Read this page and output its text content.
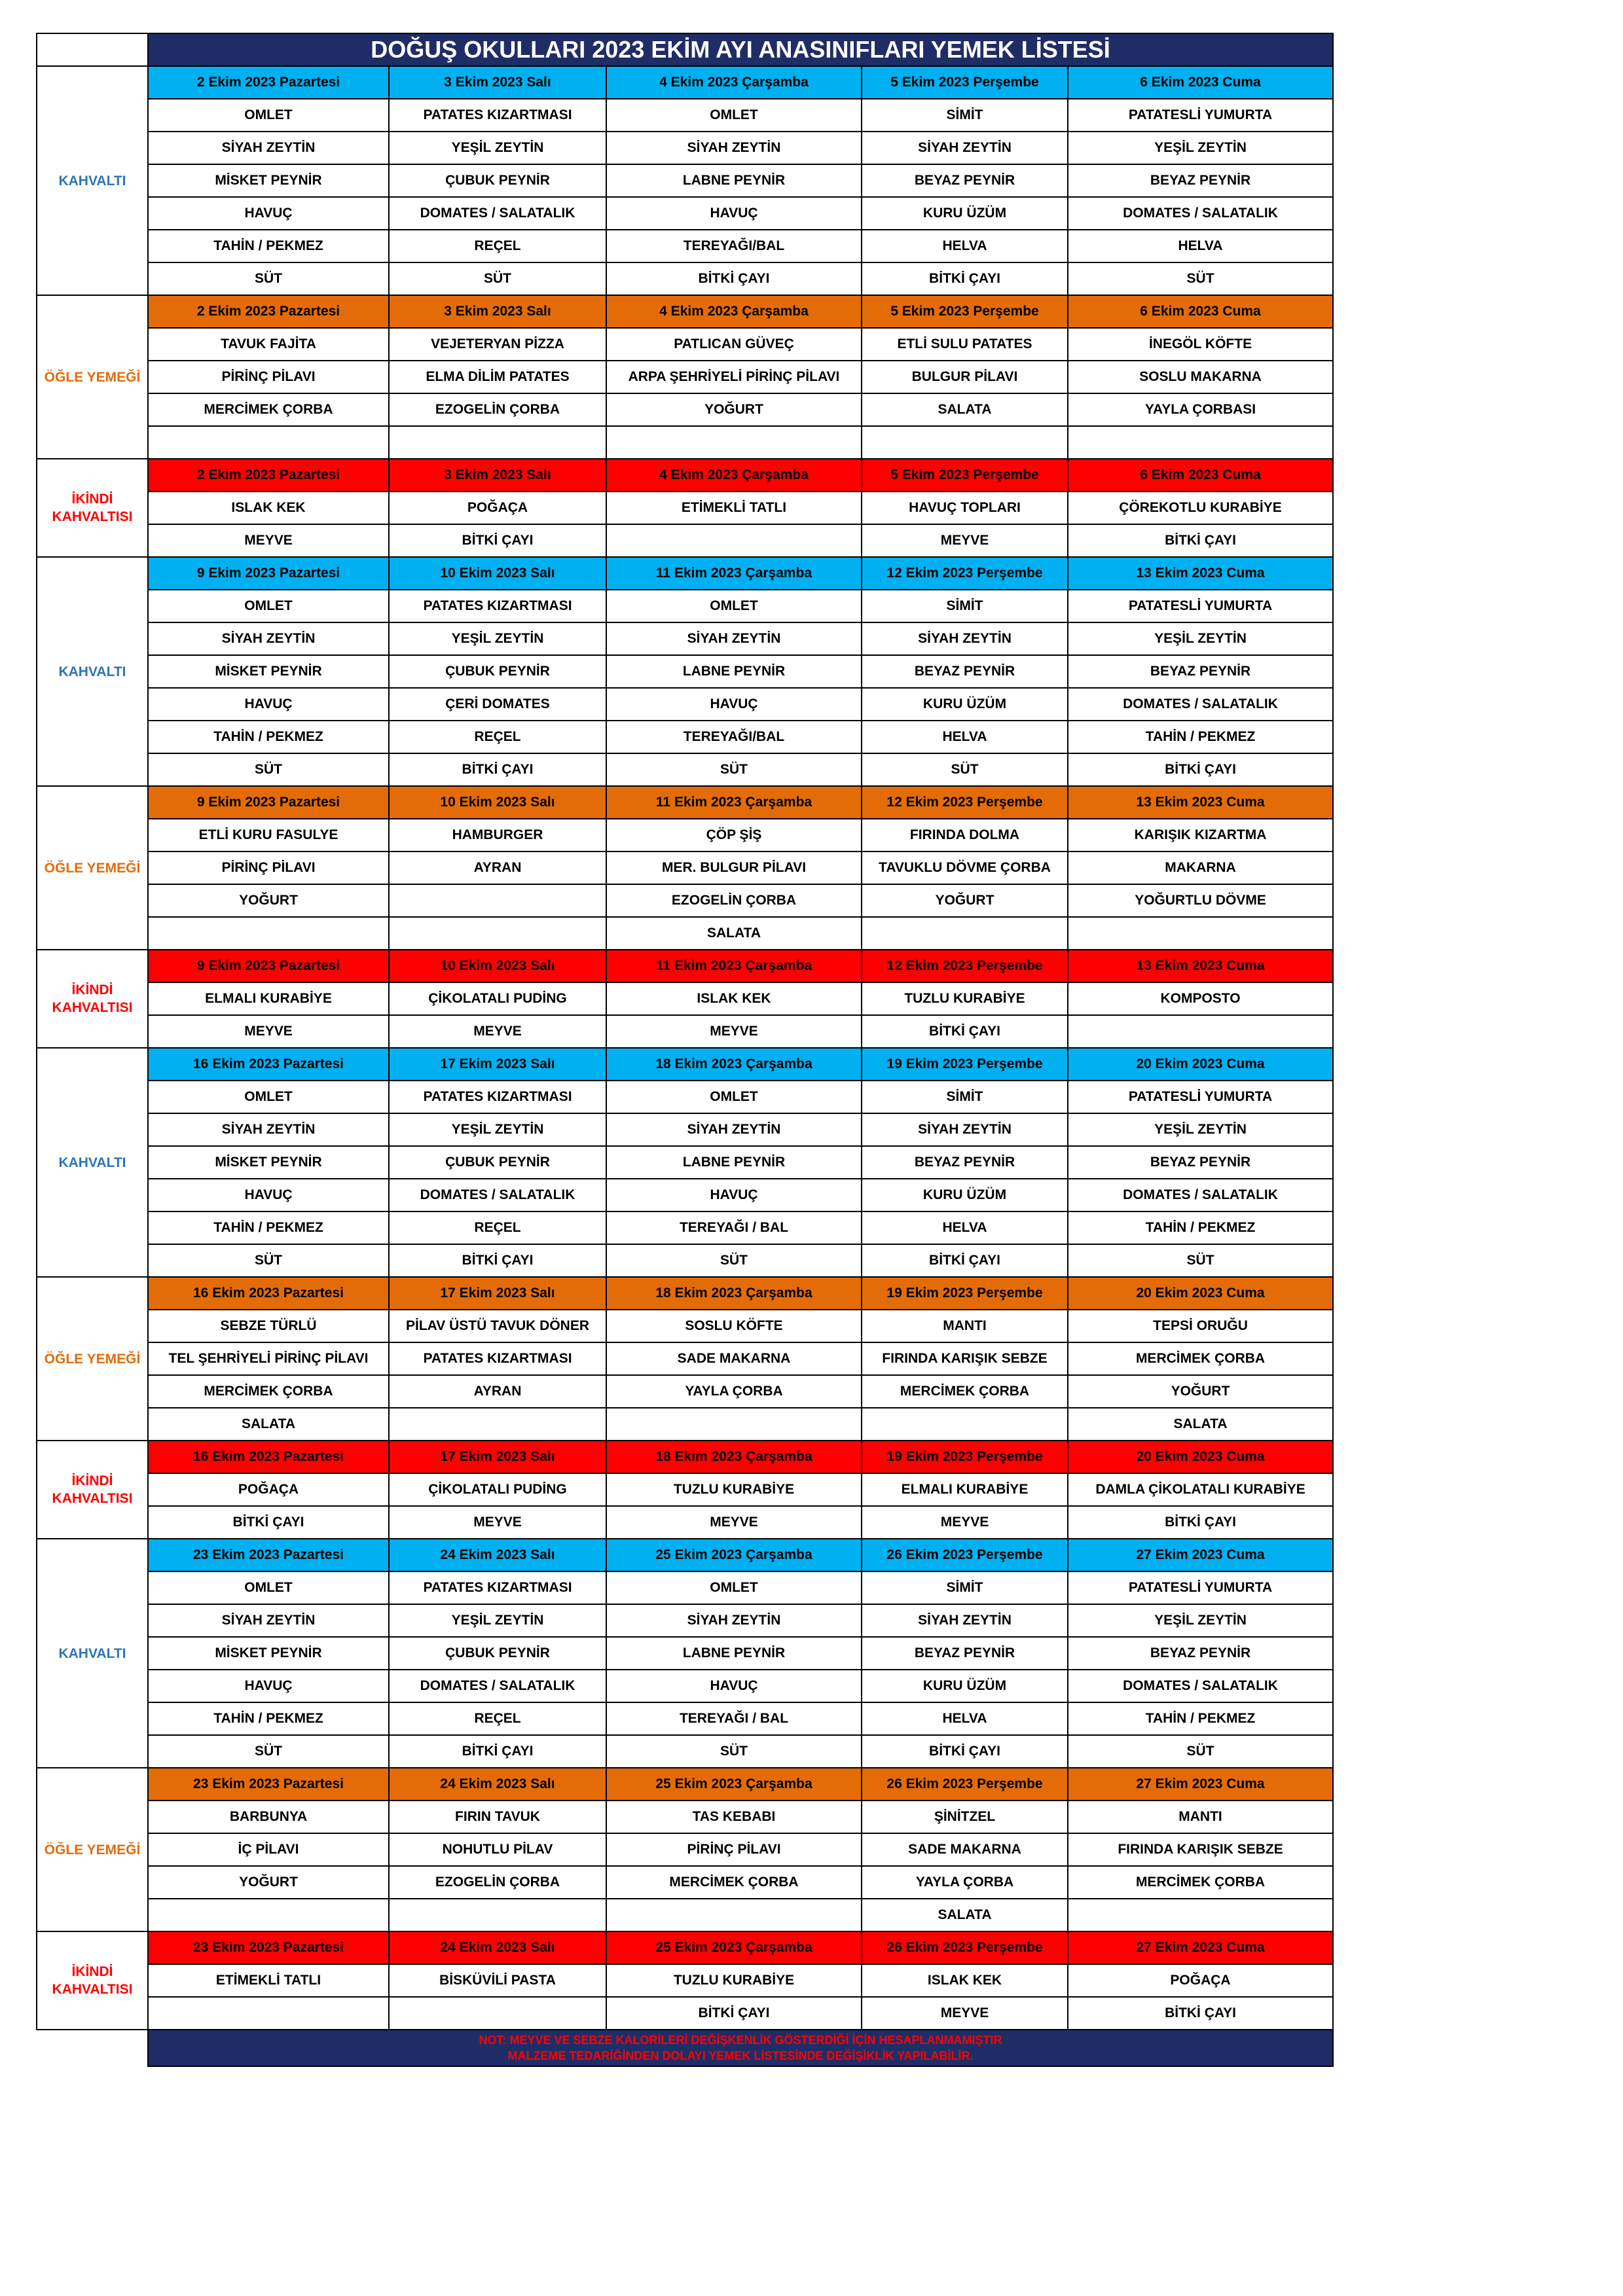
	DOĞUŞ OKULLARI 2023 EKİM AYI ANASINIFLARI YEMEK LİSTESİ				
KAHVALTI	2 Ekim 2023 Pazartesi	3 Ekim 2023 Salı	4 Ekim 2023 Çarşamba	5 Ekim 2023 Perşembe	6 Ekim 2023 Cuma
	OMLET	PATATES KIZARTMASI	OMLET	SİMİT	PATATESLİ YUMURTA
	SİYAH ZEYTİN	YEŞİL ZEYTİN	SİYAH ZEYTİN	SİYAH ZEYTİN	YEŞİL ZEYTİN
	MİSKET PEYNİR	ÇUBUK PEYNİR	LABNE PEYNİR	BEYAZ PEYNİR	BEYAZ PEYNİR
	HAVUÇ	DOMATES / SALATALIK	HAVUÇ	KURU ÜZÜM	DOMATES / SALATALIK
	TAHİN / PEKMEZ	REÇEL	TEREYAĞI/BAL	HELVA	HELVA
	SÜT	SÜT	BİTKİ ÇAYI	BİTKİ ÇAYI	SÜT
ÖĞLE YEMEĞİ	2 Ekim 2023 Pazartesi	3 Ekim 2023 Salı	4 Ekim 2023 Çarşamba	5 Ekim 2023 Perşembe	6 Ekim 2023 Cuma
	TAVUK FAJİTA	VEJETERYAN PİZZA	PATLICAN GÜVEÇ	ETLİ SULU PATATES	İNEGÖL KÖFTE
	PİRİNÇ PİLAVI	ELMA DİLİM PATATES	ARPA ŞEHRİYELİ PİRİNÇ PİLAVI	BULGUR PİLAVI	SOSLU MAKARNA
	MERCİMEK ÇORBA	EZOGELİN ÇORBA	YOĞURT	SALATA	YAYLA ÇORBASI

İKİNDİ
KAHVALTISI	2 Ekim 2023 Pazartesi	3 Ekim 2023 Salı	4 Ekim 2023 Çarşamba	5 Ekim 2023 Perşembe	6 Ekim 2023 Cuma
	ISLAK KEK	POĞAÇA	ETİMEKLİ TATLI	HAVUÇ TOPLARI	ÇÖREKOTLU KURABİYE
	MEYVE	BİTKİ ÇAYI		MEYVE	BİTKİ ÇAYI
KAHVALTI	9 Ekim 2023 Pazartesi	10 Ekim 2023 Salı	11 Ekim 2023 Çarşamba	12 Ekim 2023 Perşembe	13 Ekim 2023 Cuma
	OMLET	PATATES KIZARTMASI	OMLET	SİMİT	PATATESLİ YUMURTA
	SİYAH ZEYTİN	YEŞİL ZEYTİN	SİYAH ZEYTİN	SİYAH ZEYTİN	YEŞİL ZEYTİN
	MİSKET PEYNİR	ÇUBUK PEYNİR	LABNE PEYNİR	BEYAZ PEYNİR	BEYAZ PEYNİR
	HAVUÇ	ÇERİ DOMATES	HAVUÇ	KURU ÜZÜM	DOMATES / SALATALIK
	TAHİN / PEKMEZ	REÇEL	TEREYAĞI/BAL	HELVA	TAHİN / PEKMEZ
	SÜT	BİTKİ ÇAYI	SÜT	SÜT	BİTKİ ÇAYI
ÖĞLE YEMEĞİ	9 Ekim 2023 Pazartesi	10 Ekim 2023 Salı	11 Ekim 2023 Çarşamba	12 Ekim 2023 Perşembe	13 Ekim 2023 Cuma
	ETLİ KURU FASULYE	HAMBURGER	ÇÖP ŞİŞ	FIRINDA DOLMA	KARIŞIK KIZARTMA
	PİRİNÇ PİLAVI	AYRAN	MER. BULGUR PİLAVI	TAVUKLU DÖVME ÇORBA	MAKARNA
	YOĞURT		EZOGELİN ÇORBA	YOĞURT	YOĞURTLU DÖVME
			SALATA		
İKİNDİ
KAHVALTISI	9 Ekim 2023 Pazartesi	10 Ekim 2023 Salı	11 Ekim 2023 Çarşamba	12 Ekim 2023 Perşembe	13 Ekim 2023 Cuma
	ELMALI KURABİYE	ÇİKOLATALI PUDİNG	ISLAK KEK	TUZLU KURABİYE	KOMPOSTO
	MEYVE	MEYVE	MEYVE	BİTKİ ÇAYI	
KAHVALTI	16 Ekim 2023 Pazartesi	17 Ekim 2023 Salı	18 Ekim 2023 Çarşamba	19 Ekim 2023 Perşembe	20 Ekim 2023 Cuma
	OMLET	PATATES KIZARTMASI	OMLET	SİMİT	PATATESLİ YUMURTA
	SİYAH ZEYTİN	YEŞİL ZEYTİN	SİYAH ZEYTİN	SİYAH ZEYTİN	YEŞİL ZEYTİN
	MİSKET PEYNİR	ÇUBUK PEYNİR	LABNE PEYNİR	BEYAZ PEYNİR	BEYAZ PEYNİR
	HAVUÇ	DOMATES / SALATALIK	HAVUÇ	KURU ÜZÜM	DOMATES / SALATALIK
	TAHİN / PEKMEZ	REÇEL	TEREYAĞI / BAL	HELVA	TAHİN / PEKMEZ
	SÜT	BİTKİ ÇAYI	SÜT	BİTKİ ÇAYI	SÜT
ÖĞLE YEMEĞİ	16 Ekim 2023 Pazartesi	17 Ekim 2023 Salı	18 Ekim 2023 Çarşamba	19 Ekim 2023 Perşembe	20 Ekim 2023 Cuma
	SEBZE TÜRLÜ	PİLAV ÜSTÜ TAVUK DÖNER	SOSLU KÖFTE	MANTI	TEPSİ ORUĞU
	TEL ŞEHRİYELİ PİRİNÇ PİLAVI	PATATES KIZARTMASI	SADE MAKARNA	FIRINDA KARIŞIK SEBZE	MERCİMEK ÇORBA
	MERCİMEK ÇORBA	AYRAN	YAYLA ÇORBA	MERCİMEK ÇORBA	YOĞURT
	SALATA				SALATA
İKİNDİ
KAHVALTISI	16 Ekim 2023 Pazartesi	17 Ekim 2023 Salı	18 Ekim 2023 Çarşamba	19 Ekim 2023 Perşembe	20 Ekim 2023 Cuma
	POĞAÇA	ÇİKOLATALI PUDİNG	TUZLU KURABİYE	ELMALI KURABİYE	DAMLA ÇİKOLATALI KURABİYE
	BİTKİ ÇAYI	MEYVE	MEYVE	MEYVE	BİTKİ ÇAYI
KAHVALTI	23 Ekim 2023 Pazartesi	24 Ekim 2023 Salı	25 Ekim 2023 Çarşamba	26 Ekim 2023 Perşembe	27 Ekim 2023 Cuma
	OMLET	PATATES KIZARTMASI	OMLET	SİMİT	PATATESLİ YUMURTA
	SİYAH ZEYTİN	YEŞİL ZEYTİN	SİYAH ZEYTİN	SİYAH ZEYTİN	YEŞİL ZEYTİN
	MİSKET PEYNİR	ÇUBUK PEYNİR	LABNE PEYNİR	BEYAZ PEYNİR	BEYAZ PEYNİR
	HAVUÇ	DOMATES / SALATALIK	HAVUÇ	KURU ÜZÜM	DOMATES / SALATALIK
	TAHİN / PEKMEZ	REÇEL	TEREYAĞI / BAL	HELVA	TAHİN / PEKMEZ
	SÜT	BİTKİ ÇAYI	SÜT	BİTKİ ÇAYI	SÜT
ÖĞLE YEMEĞİ	23 Ekim 2023 Pazartesi	24 Ekim 2023 Salı	25 Ekim 2023 Çarşamba	26 Ekim 2023 Perşembe	27 Ekim 2023 Cuma
	BARBUNYA	FIRIN TAVUK	TAS KEBABI	ŞİNİTZEL	MANTI
	İÇ PİLAVI	NOHUTLU PİLAV	PİRİNÇ PİLAVI	SADE MAKARNA	FIRINDA KARIŞIK SEBZE
	YOĞURT	EZOGELİN ÇORBA	MERCİMEK ÇORBA	YAYLA ÇORBA	MERCİMEK ÇORBA
				SALATA	
İKİNDİ
KAHVALTISI	23 Ekim 2023 Pazartesi	24 Ekim 2023 Salı	25 Ekim 2023 Çarşamba	26 Ekim 2023 Perşembe	27 Ekim 2023 Cuma
	ETİMEKLİ TATLI	BİSKÜVİLİ PASTA	TUZLU KURABİYE	ISLAK KEK	POĞAÇA
			BİTKİ ÇAYI	MEYVE	BİTKİ ÇAYI
	NOT: MEYVE VE SEBZE KALORİLERİ DEĞİŞKENLİK GÖSTERDİĞİ İÇİN HESAPLANMAMIŞTIR
MALZEME TEDARİĞİNDEN DOLAYI YEMEK LİSTESİNDE DEĞİŞİKLİK YAPILABİLİR.				
